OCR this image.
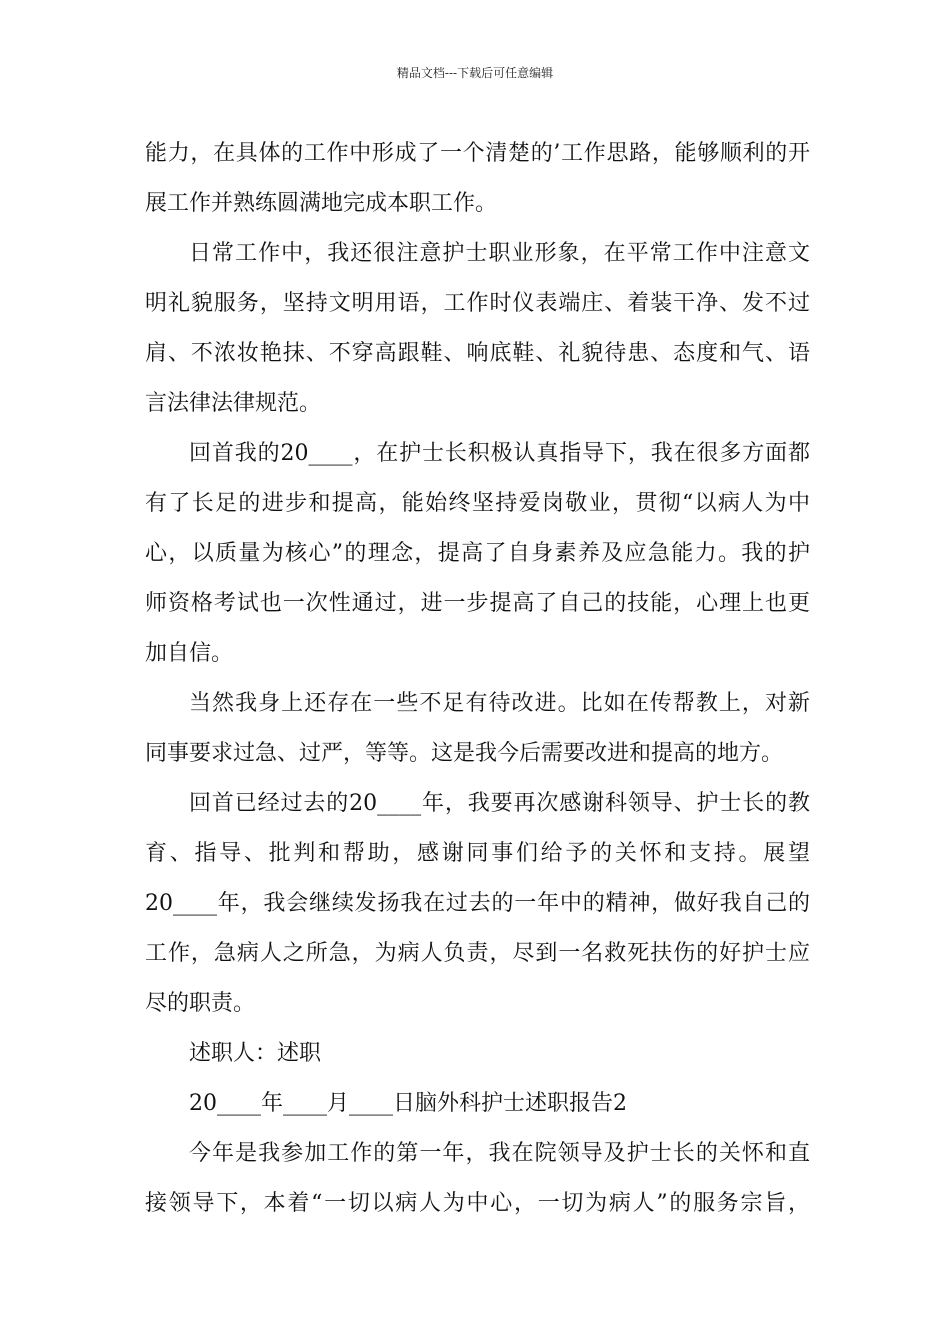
精品文档---下载后可任意编辑
能力，在具体的工作中形成了一个清楚的’工作思路，能够顺利的开
展工作并熟练圆满地完成本职工作。
日常工作中，我还很注意护士职业形象，在平常工作中注意文
明礼貌服务，坚持文明用语，工作时仪表端庄、着装干净、发不过
肩、不浓妆艳抹、不穿高跟鞋、响底鞋、礼貌待患、态度和气、语
言法律法律规范。
回首我的20____，在护士长积极认真指导下，我在很多方面都
有了长足的进步和提高，能始终坚持爱岗敬业，贯彻“以病人为中
心，以质量为核心”的理念，提高了自身素养及应急能力。我的护
师资格考试也一次性通过，进一步提高了自己的技能，心理上也更
加自信。
当然我身上还存在一些不足有待改进。比如在传帮教上，对新
同事要求过急、过严，等等。这是我今后需要改进和提高的地方。
回首已经过去的20____年，我要再次感谢科领导、护士长的教
育、指导、批判和帮助，感谢同事们给予的关怀和支持。展望
20____年，我会继续发扬我在过去的一年中的精神，做好我自己的
工作，急病人之所急，为病人负责，尽到一名救死扶伤的好护士应
尽的职责。
述职人：述职
20____年____月____日脑外科护士述职报告2
今年是我参加工作的第一年，我在院领导及护士长的关怀和直
接领导下，本着“一切以病人为中心，一切为病人”的服务宗旨，
